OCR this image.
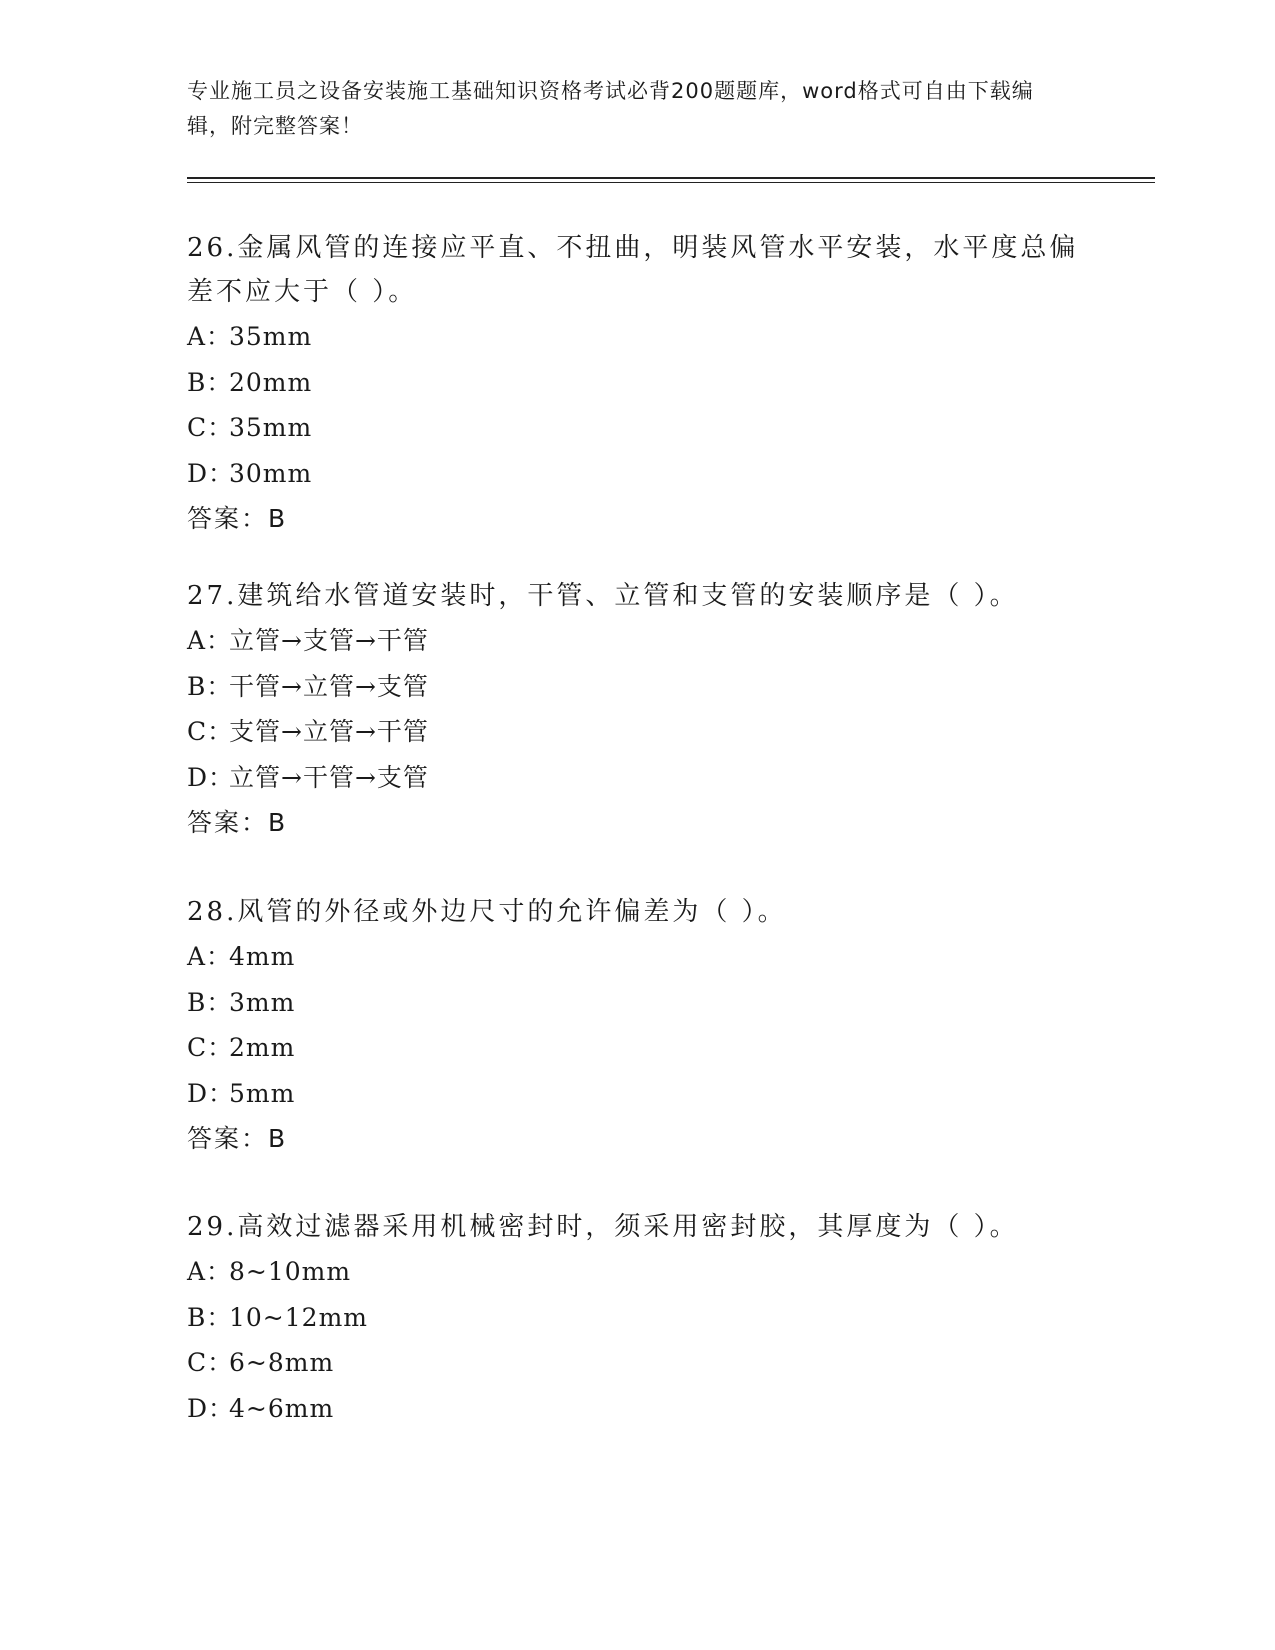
专业施工员之设备安装施工基础知识资格考试必背200题题库，word格式可自由下载编辑，附完整答案！

26.金属风管的连接应平直、不扭曲，明装风管水平安装，水平度总偏差不应大于（ ）。

A：35mm
B：20mm
C：35mm
D：30mm
答案：B

27.建筑给水管道安装时，干管、立管和支管的安装顺序是（ ）。

A：立管→支管→干管
B：干管→立管→支管
C：支管→立管→干管
D：立管→干管→支管
答案：B

28.风管的外径或外边尺寸的允许偏差为（ ）。

A：4mm
B：3mm
C：2mm
D：5mm
答案：B

29.高效过滤器采用机械密封时，须采用密封胶，其厚度为（ ）。

A：8~10mm
B：10~12mm
C：6~8mm
D：4~6mm
